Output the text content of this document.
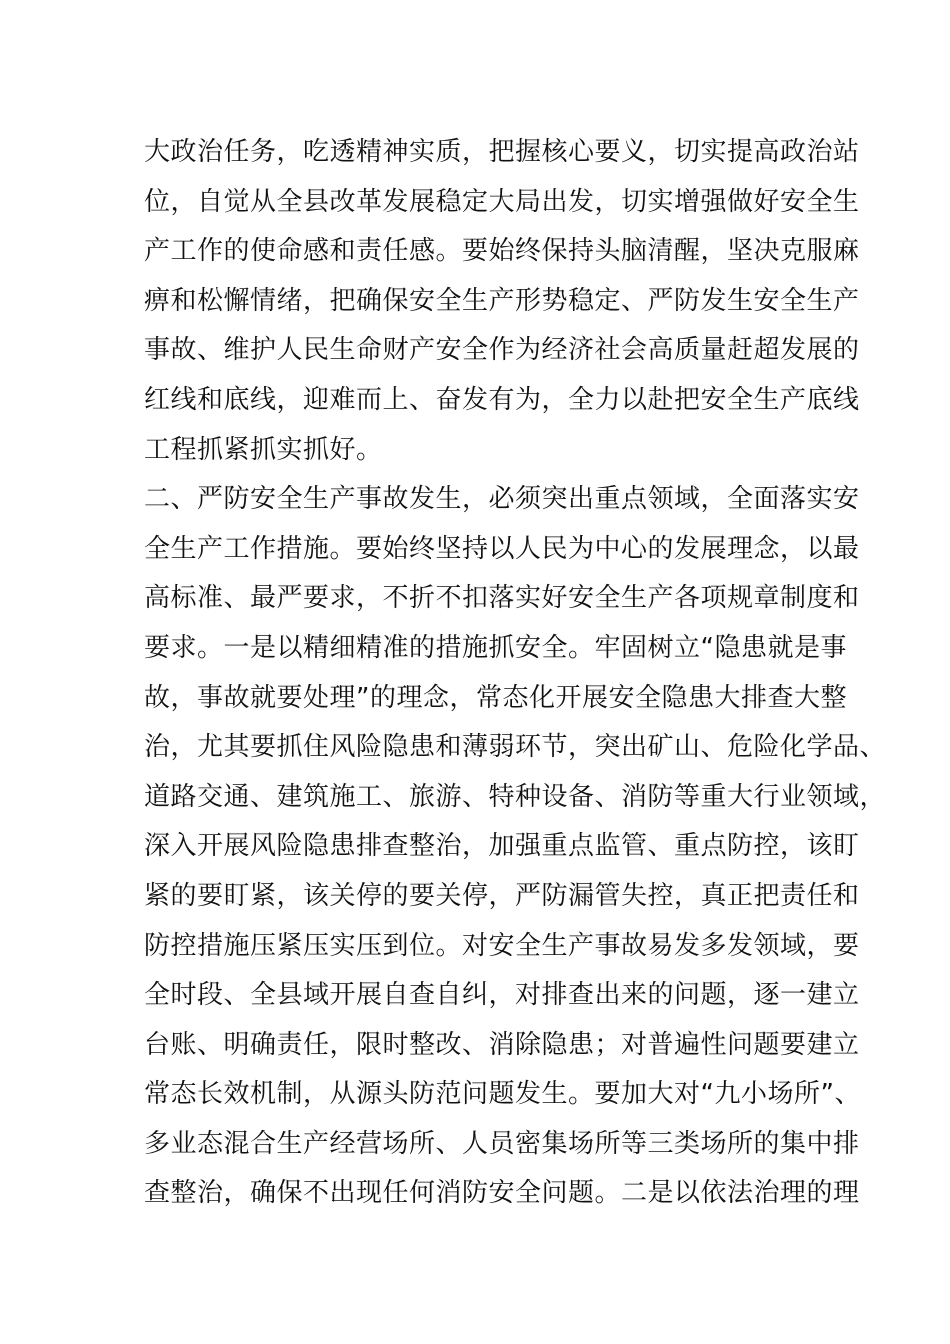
大政治任务，吃透精神实质，把握核心要义，切实提高政治站
位，自觉从全县改革发展稳定大局出发，切实增强做好安全生
产工作的使命感和责任感。要始终保持头脑清醒，坚决克服麻
痹和松懈情绪，把确保安全生产形势稳定、严防发生安全生产
事故、维护人民生命财产安全作为经济社会高质量赶超发展的
红线和底线，迎难而上、奋发有为，全力以赴把安全生产底线
工程抓紧抓实抓好。
二、严防安全生产事故发生，必须突出重点领域，全面落实安
全生产工作措施。要始终坚持以人民为中心的发展理念，以最
高标准、最严要求，不折不扣落实好安全生产各项规章制度和
要求。一是以精细精准的措施抓安全。牢固树立“隐患就是事
故，事故就要处理”的理念，常态化开展安全隐患大排查大整
治，尤其要抓住风险隐患和薄弱环节，突出矿山、危险化学品、
道路交通、建筑施工、旅游、特种设备、消防等重大行业领域，
深入开展风险隐患排查整治，加强重点监管、重点防控，该盯
紧的要盯紧，该关停的要关停，严防漏管失控，真正把责任和
防控措施压紧压实压到位。对安全生产事故易发多发领域，要
全时段、全县域开展自查自纠，对排查出来的问题，逐一建立
台账、明确责任，限时整改、消除隐患；对普遍性问题要建立
常态长效机制，从源头防范问题发生。要加大对“九小场所”、
多业态混合生产经营场所、人员密集场所等三类场所的集中排
查整治，确保不出现任何消防安全问题。二是以依法治理的理
